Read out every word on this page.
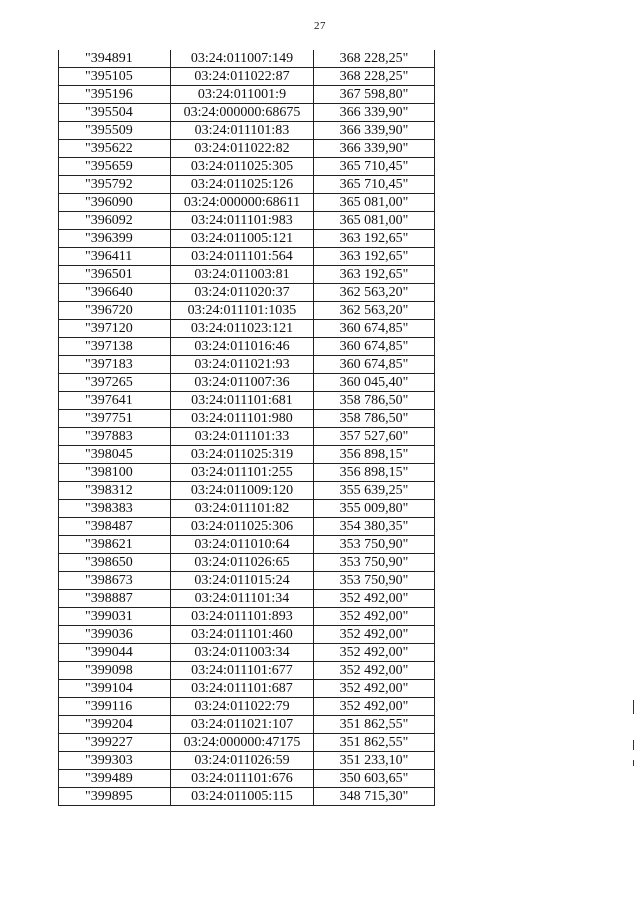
27
"394891	03:24:011007:149	368 228,25"
"395105	03:24:011022:87	368 228,25"
"395196	03:24:011001:9	367 598,80"
"395504	03:24:000000:68675	366 339,90"
"395509	03:24:011101:83	366 339,90"
"395622	03:24:011022:82	366 339,90"
"395659	03:24:011025:305	365 710,45"
"395792	03:24:011025:126	365 710,45"
"396090	03:24:000000:68611	365 081,00"
"396092	03:24:011101:983	365 081,00"
"396399	03:24:011005:121	363 192,65"
"396411	03:24:011101:564	363 192,65"
"396501	03:24:011003:81	363 192,65"
"396640	03:24:011020:37	362 563,20"
"396720	03:24:011101:1035	362 563,20"
"397120	03:24:011023:121	360 674,85"
"397138	03:24:011016:46	360 674,85"
"397183	03:24:011021:93	360 674,85"
"397265	03:24:011007:36	360 045,40"
"397641	03:24:011101:681	358 786,50"
"397751	03:24:011101:980	358 786,50"
"397883	03:24:011101:33	357 527,60"
"398045	03:24:011025:319	356 898,15"
"398100	03:24:011101:255	356 898,15"
"398312	03:24:011009:120	355 639,25"
"398383	03:24:011101:82	355 009,80"
"398487	03:24:011025:306	354 380,35"
"398621	03:24:011010:64	353 750,90"
"398650	03:24:011026:65	353 750,90"
"398673	03:24:011015:24	353 750,90"
"398887	03:24:011101:34	352 492,00"
"399031	03:24:011101:893	352 492,00"
"399036	03:24:011101:460	352 492,00"
"399044	03:24:011003:34	352 492,00"
"399098	03:24:011101:677	352 492,00"
"399104	03:24:011101:687	352 492,00"
"399116	03:24:011022:79	352 492,00"
"399204	03:24:011021:107	351 862,55"
"399227	03:24:000000:47175	351 862,55"
"399303	03:24:011026:59	351 233,10"
"399489	03:24:011101:676	350 603,65"
"399895	03:24:011005:115	348 715,30"
